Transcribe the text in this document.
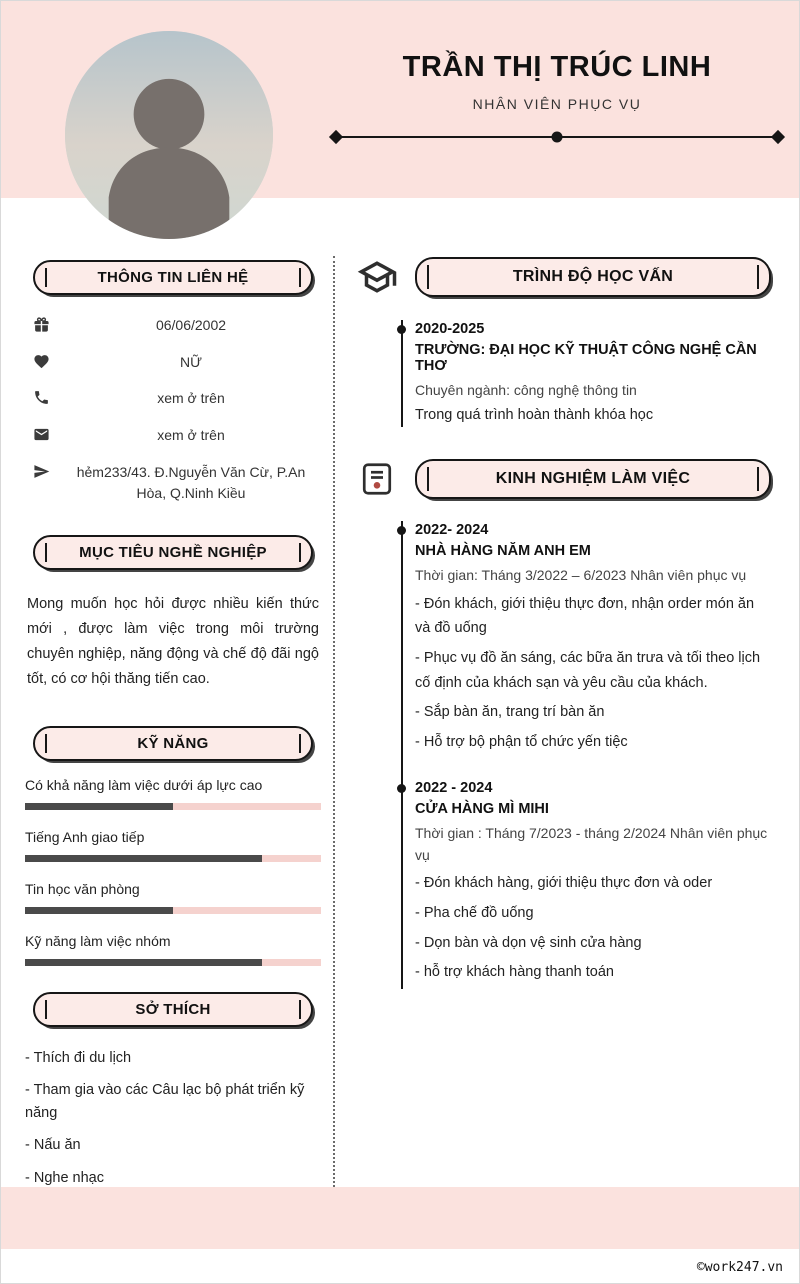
TRẦN THỊ TRÚC LINH
NHÂN VIÊN PHỤC VỤ
THÔNG TIN LIÊN HỆ
06/06/2002
NỮ
xem ở trên
xem ở trên
hẻm233/43. Đ.Nguyễn Văn Cừ, P.An Hòa, Q.Ninh Kiều
MỤC TIÊU NGHỀ NGHIỆP

Mong muốn học hỏi được nhiều kiến thức mới , được làm việc trong môi trường chuyên nghiệp, năng động và chế độ đãi ngộ tốt, có cơ hội thăng tiến cao.

KỸ NĂNG
Có khả năng làm việc dưới áp lực cao
Tiếng Anh giao tiếp
Tin học văn phòng
Kỹ năng làm việc nhóm
SỞ THÍCH
- Thích đi du lịch
- Tham gia vào các Câu lạc bộ phát triển kỹ năng
- Nấu ăn
- Nghe nhạc
TRÌNH ĐỘ HỌC VẤN
2020-2025
TRƯỜNG: ĐẠI HỌC KỸ THUẬT CÔNG NGHỆ CẦN THƠ
Chuyên ngành: công nghệ thông tin
Trong quá trình hoàn thành khóa học
KINH NGHIỆM LÀM VIỆC
2022- 2024
NHÀ HÀNG NĂM ANH EM
Thời gian: Tháng 3/2022 – 6/2023 Nhân viên phục vụ
- Đón khách, giới thiệu thực đơn, nhận order món ăn và đồ uống
- Phục vụ đồ ăn sáng, các bữa ăn trưa và tối theo lịch cố định của khách sạn và yêu cầu của khách.
- Sắp bàn ăn, trang trí bàn ăn
- Hỗ trợ bộ phận tổ chức yến tiệc
2022 - 2024
CỬA HÀNG MÌ MIHI
Thời gian : Tháng 7/2023 - tháng 2/2024 Nhân viên phục vụ
- Đón khách hàng, giới thiệu thực đơn và oder
- Pha chế đồ uống
- Dọn bàn và dọn vệ sinh cửa hàng
- hỗ trợ khách hàng thanh toán
©work247.vn
